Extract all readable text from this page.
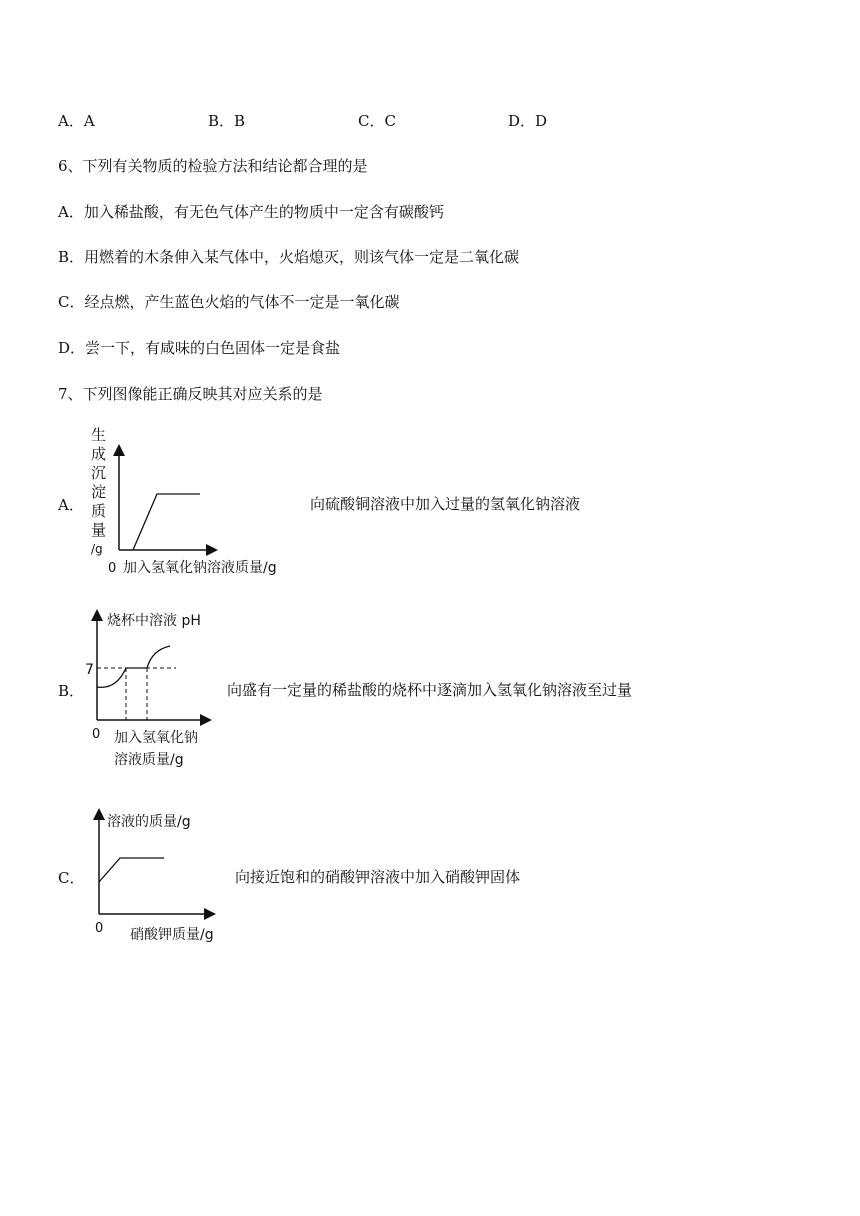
A．A	B．B	C．C	D．D
6、下列有关物质的检验方法和结论都合理的是
A．加入稀盐酸，有无色气体产生的物质中一定含有碳酸钙
B．用燃着的木条伸入某气体中，火焰熄灭，则该气体一定是二氧化碳
C．经点燃，产生蓝色火焰的气体不一定是一氧化碳
D．尝一下，有咸味的白色固体一定是食盐
7、下列图像能正确反映其对应关系的是
A．
生
成
沉
淀
质
量
/g
0 加入氢氧化钠溶液质量/g
向硫酸铜溶液中加入过量的氢氧化钠溶液
B．
烧杯中溶液 pH
7
0 加入氢氧化钠
溶液质量/g
向盛有一定量的稀盐酸的烧杯中逐滴加入氢氧化钠溶液至过量
C．
溶液的质量/g
0 硝酸钾质量/g
向接近饱和的硝酸钾溶液中加入硝酸钾固体
